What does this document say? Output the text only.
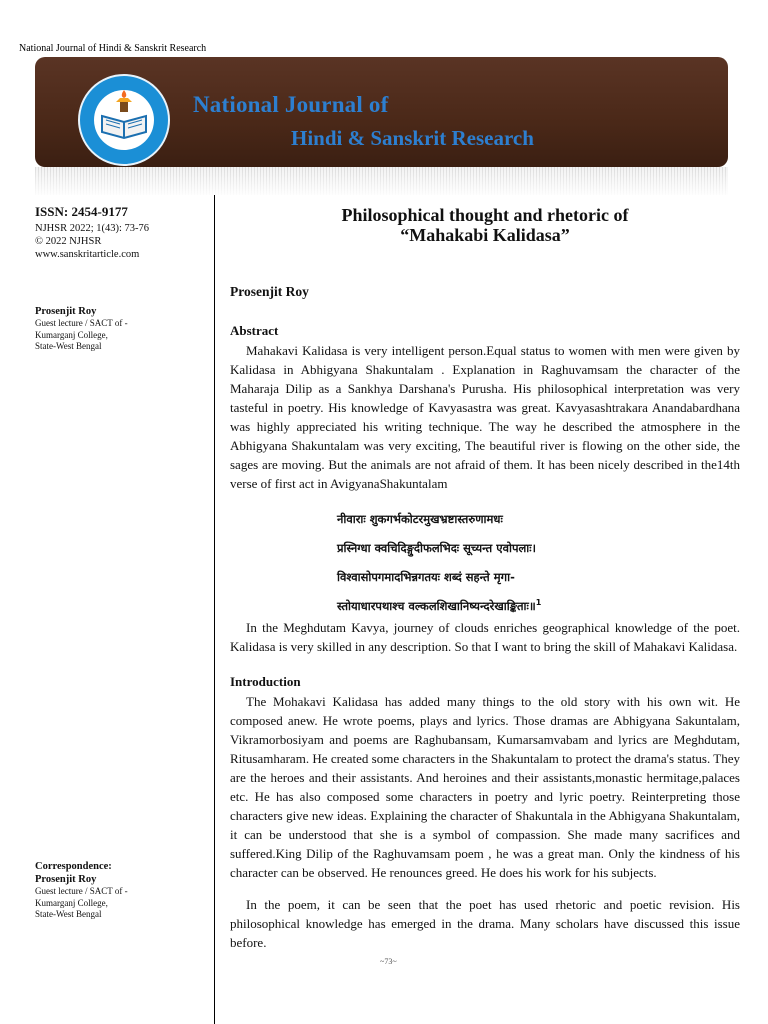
National Journal of Hindi & Sanskrit Research
National Journal of
Hindi & Sanskrit Research
ISSN: 2454-9177
NJHSR 2022; 1(43): 73-76
© 2022 NJHSR
www.sanskritarticle.com
Prosenjit Roy
Guest lecture / SACT of -
Kumarganj College,
State-West Bengal
Correspondence:
Prosenjit Roy
Guest lecture / SACT of -
Kumarganj College,
State-West Bengal
Philosophical thought and rhetoric of
“Mahakabi Kalidasa”
Prosenjit Roy
Abstract
Mahakavi Kalidasa is very intelligent person.Equal status to women with men were given by Kalidasa in Abhigyana Shakuntalam . Explanation in Raghuvamsam the character of the Maharaja Dilip as a Sankhya Darshana's Purusha. His philosophical interpretation was very tasteful in poetry. His knowledge of Kavyasastra was great. Kavyasashtrakara Anandabardhana was highly appreciated his writing technique. The way he described the atmosphere in the Abhigyana Shakuntalam was very exciting, The beautiful river is flowing on the other side, the sages are moving. But the animals are not afraid of them. It has been nicely described in the14th verse of first act in AvigyanaShakuntalam
नीवाराः शुकगर्भकोटरमुखभ्रष्टास्तरुणामधः
प्रस्निग्धा क्वचिदिङ्गुदीफलभिदः सूच्यन्त एवोपलाः।
विश्वासोपगमादभिन्नगतयः शब्दं सहन्ते मृगा-
स्तोयाधारपथाश्च वल्कलशिखानिष्यन्दरेखाङ्किताः॥$^1$
In the Meghdutam Kavya, journey of clouds enriches geographical knowledge of the poet. Kalidasa is very skilled in any description. So that I want to bring the skill of Mahakavi Kalidasa.
Introduction
The Mohakavi Kalidasa has added many things to the old story with his own wit. He composed anew. He wrote poems, plays and lyrics. Those dramas are Abhigyana Sakuntalam, Vikramorbosiyam and poems are Raghubansam, Kumarsamvabam and lyrics are Meghdutam, Ritusamharam. He created some characters in the Shakuntalam to protect the drama's status. They are the heroes and their assistants. And heroines and their assistants,monastic hermitage,palaces etc. He has also composed some characters in poetry and lyric poetry. Reinterpreting those characters give new ideas. Explaining the character of Shakuntala in the Abhigyana Shakuntalam, it can be understood that she is a symbol of compassion. She made many sacrifices and suffered.King Dilip of the Raghuvamsam poem , he was a great man. Only the kindness of his character can be observed. He renounces greed. He does his work for his subjects.
In the poem, it can be seen that the poet has used rhetoric and poetic revision. His philosophical knowledge has emerged in the drama. Many scholars have discussed this issue before.
~73~
